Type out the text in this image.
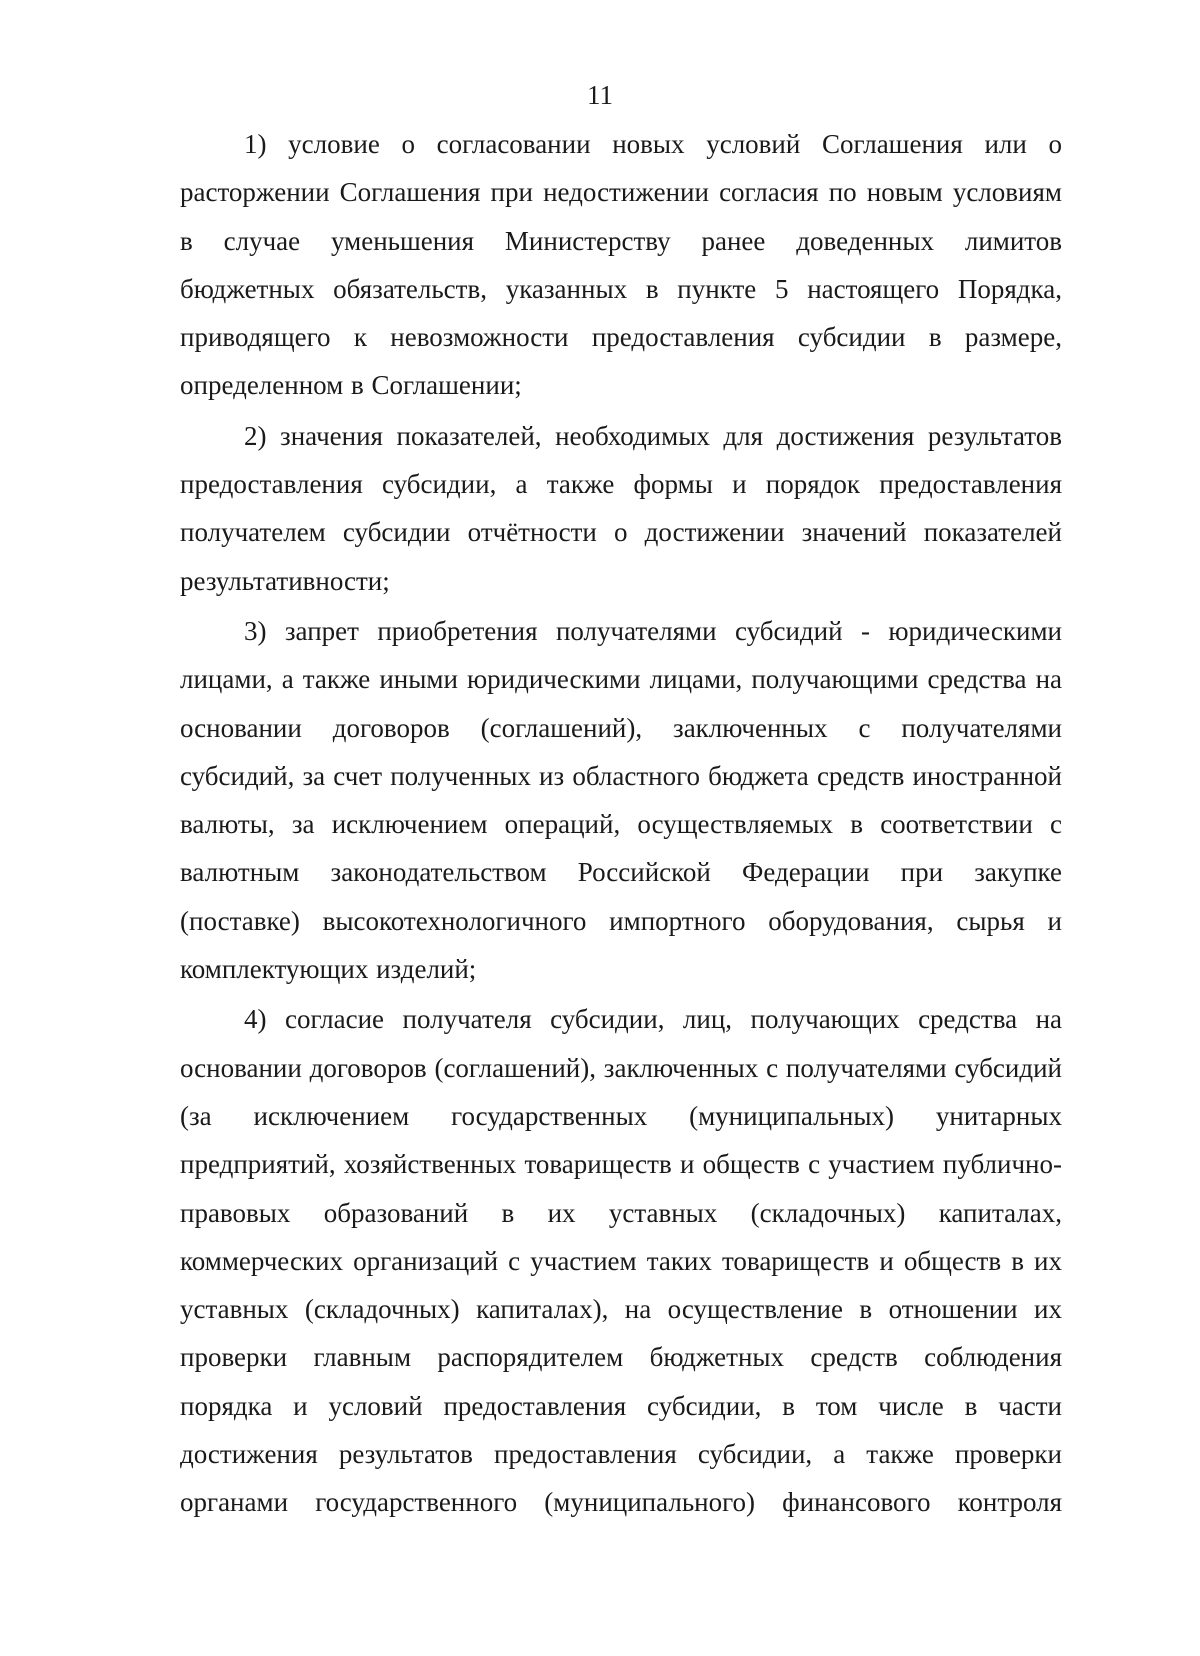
11

1) условие о согласовании новых условий Соглашения или о расторжении Соглашения при недостижении согласия по новым условиям в случае уменьшения Министерству ранее доведенных лимитов бюджетных обязательств, указанных в пункте 5 настоящего Порядка, приводящего к невозможности предоставления субсидии в размере, определенном в Соглашении;

2) значения показателей, необходимых для достижения результатов предоставления субсидии, а также формы и порядок предоставления получателем субсидии отчётности о достижении значений показателей результативности;

3) запрет приобретения получателями субсидий - юридическими лицами, а также иными юридическими лицами, получающими средства на основании договоров (соглашений), заключенных с получателями субсидий, за счет полученных из областного бюджета средств иностранной валюты, за исключением операций, осуществляемых в соответствии с валютным законодательством Российской Федерации при закупке (поставке) высокотехнологичного импортного оборудования, сырья и комплектующих изделий;

4) согласие получателя субсидии, лиц, получающих средства на основании договоров (соглашений), заключенных с получателями субсидий (за исключением государственных (муниципальных) унитарных предприятий, хозяйственных товариществ и обществ с участием публично-правовых образований в их уставных (складочных) капиталах, коммерческих организаций с участием таких товариществ и обществ в их уставных (складочных) капиталах), на осуществление в отношении их проверки главным распорядителем бюджетных средств соблюдения порядка и условий предоставления субсидии, в том числе в части достижения результатов предоставления субсидии, а также проверки органами государственного (муниципального) финансового контроля
